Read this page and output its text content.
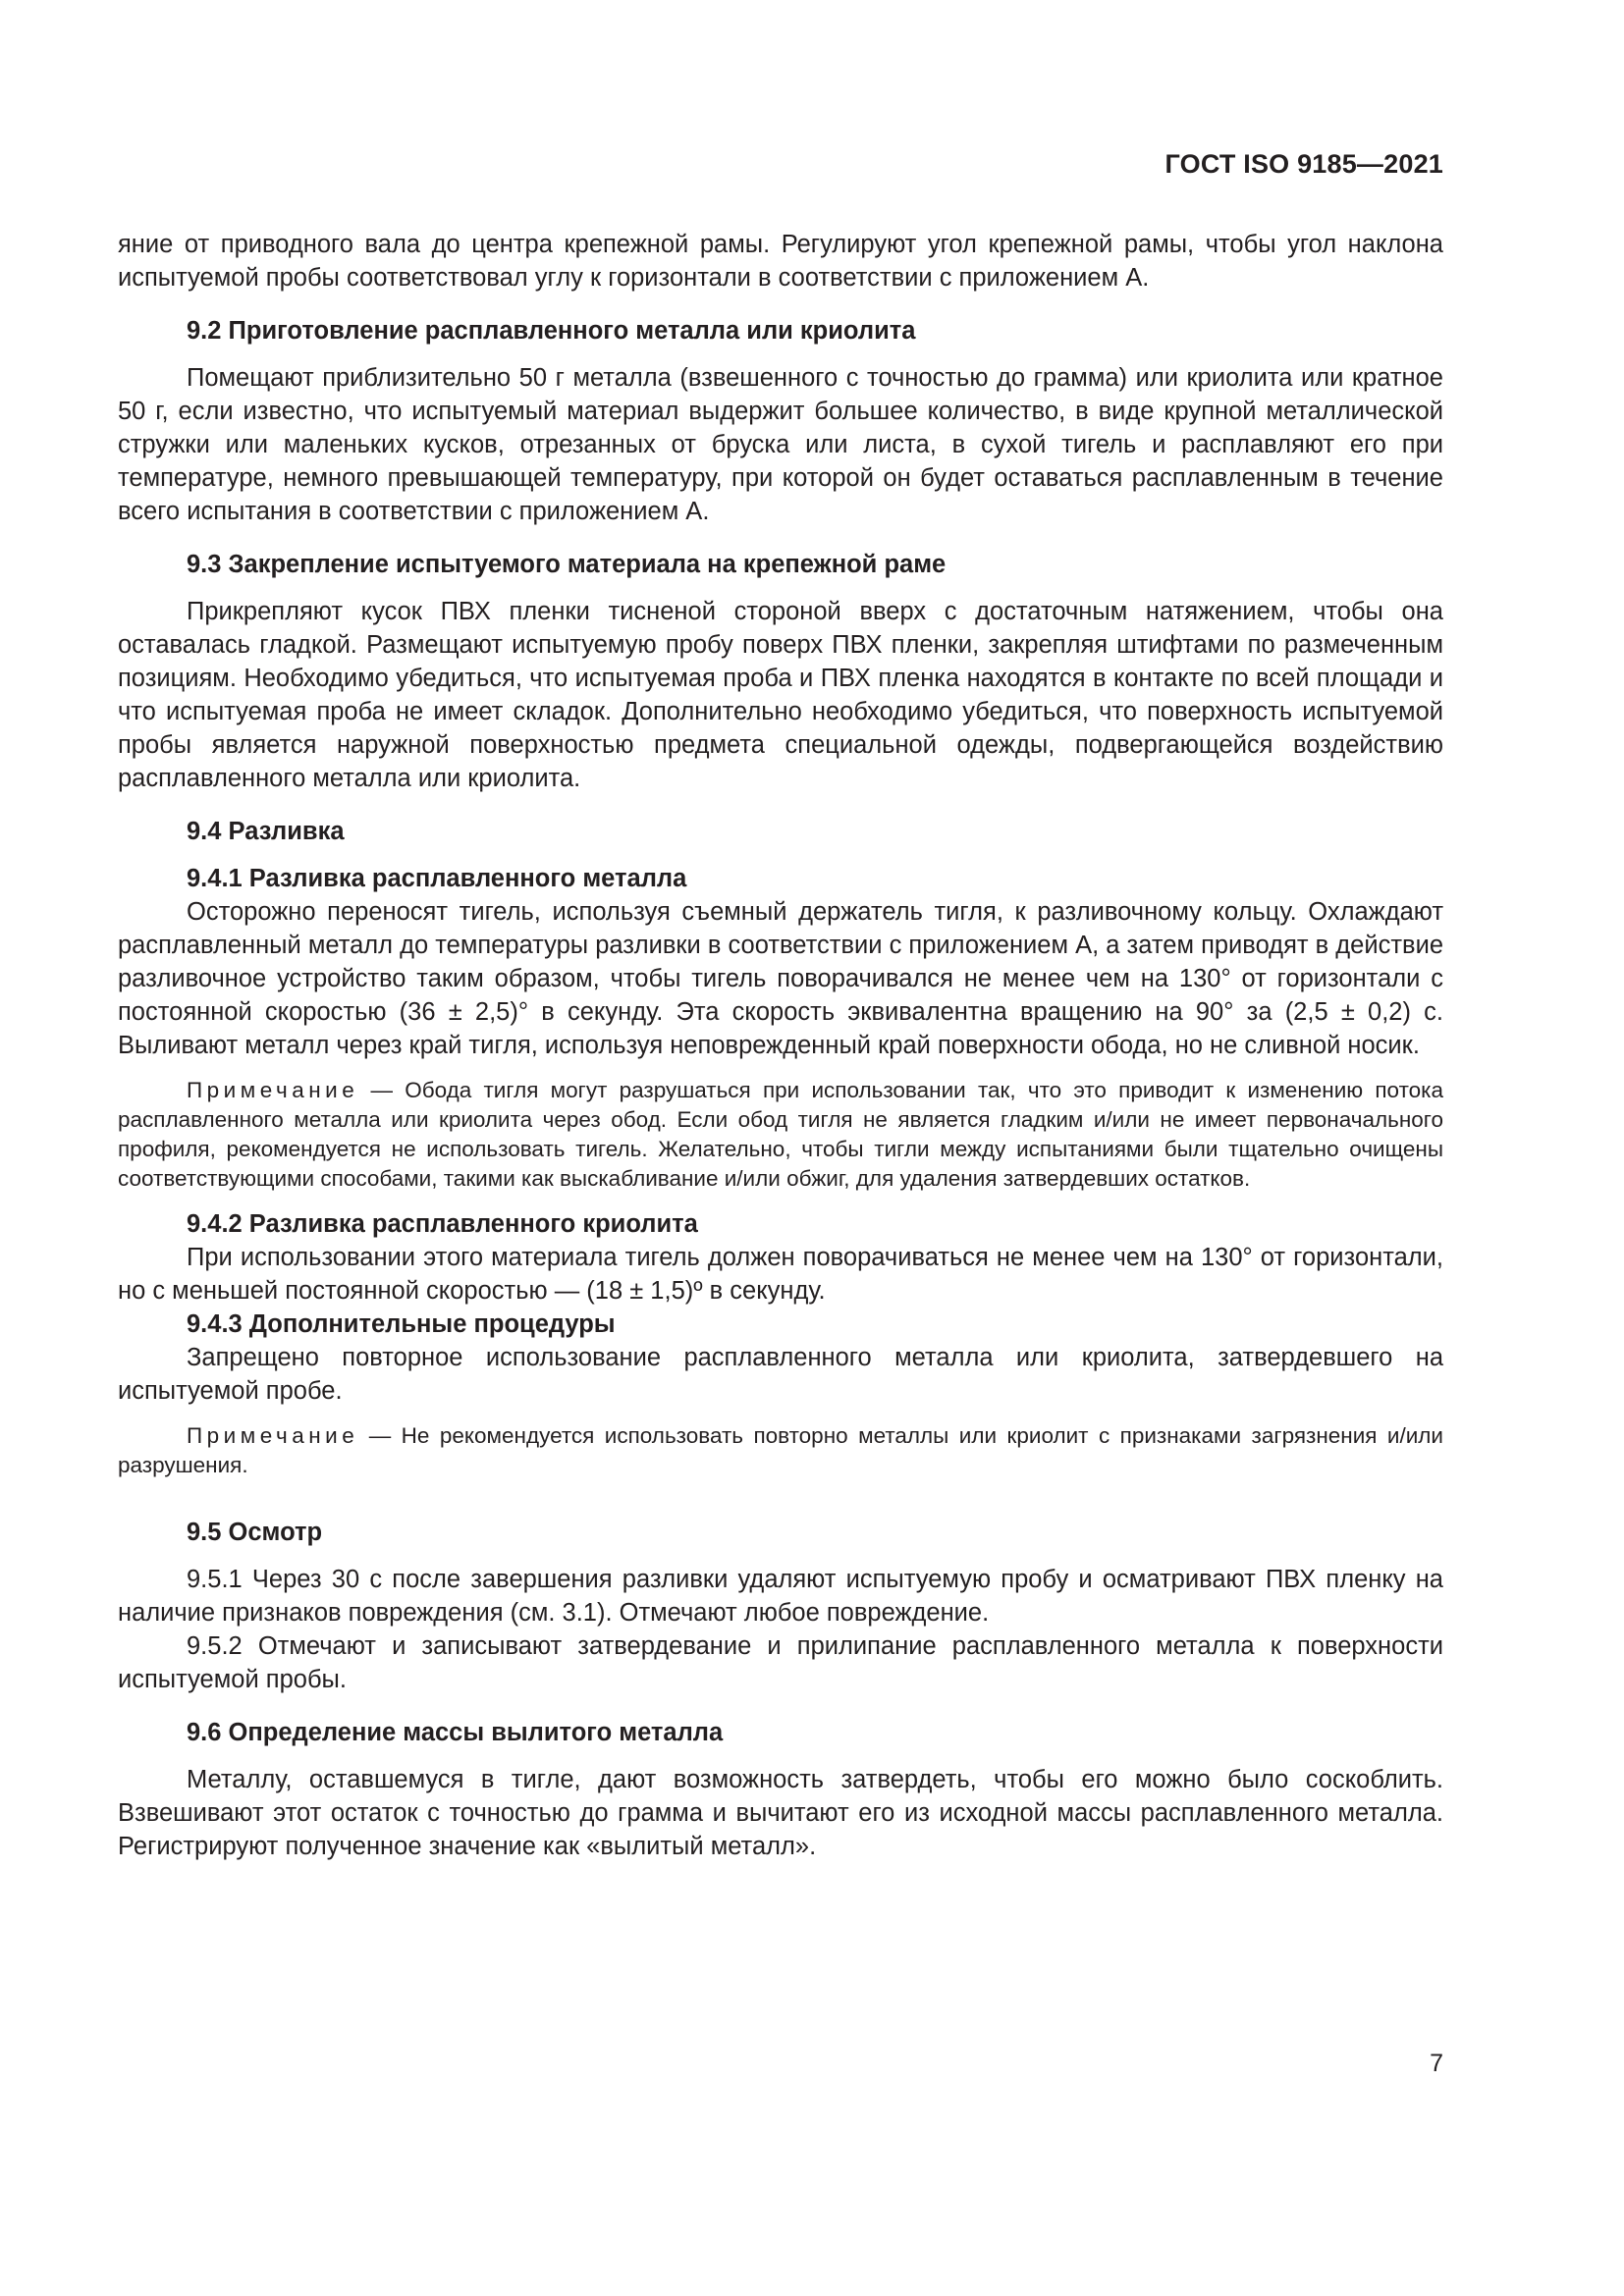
ГОСТ ISO 9185—2021

яние от приводного вала до центра крепежной рамы. Регулируют угол крепежной рамы, чтобы угол наклона испытуемой пробы соответствовал углу к горизонтали в соответствии с приложением А.

9.2 Приготовление расплавленного металла или криолита

Помещают приблизительно 50 г металла (взвешенного с точностью до грамма) или криолита или кратное 50 г, если известно, что испытуемый материал выдержит большее количество, в виде крупной металлической стружки или маленьких кусков, отрезанных от бруска или листа, в сухой тигель и расплавляют его при температуре, немного превышающей температуру, при которой он будет оставаться расплавленным в течение всего испытания в соответствии с приложением А.

9.3 Закрепление испытуемого материала на крепежной раме

Прикрепляют кусок ПВХ пленки тисненой стороной вверх с достаточным натяжением, чтобы она оставалась гладкой. Размещают испытуемую пробу поверх ПВХ пленки, закрепляя штифтами по размеченным позициям. Необходимо убедиться, что испытуемая проба и ПВХ пленка находятся в контакте по всей площади и что испытуемая проба не имеет складок. Дополнительно необходимо убедиться, что поверхность испытуемой пробы является наружной поверхностью предмета специальной одежды, подвергающейся воздействию расплавленного металла или криолита.

9.4 Разливка
9.4.1 Разливка расплавленного металла

Осторожно переносят тигель, используя съемный держатель тигля, к разливочному кольцу. Охлаждают расплавленный металл до температуры разливки в соответствии с приложением А, а затем приводят в действие разливочное устройство таким образом, чтобы тигель поворачивался не менее чем на 130° от горизонтали с постоянной скоростью (36 ± 2,5)° в секунду. Эта скорость эквивалентна вращению на 90° за (2,5 ± 0,2) с. Выливают металл через край тигля, используя неповрежденный край поверхности обода, но не сливной носик.

Примечание — Обода тигля могут разрушаться при использовании так, что это приводит к изменению потока расплавленного металла или криолита через обод. Если обод тигля не является гладким и/или не имеет первоначального профиля, рекомендуется не использовать тигель. Желательно, чтобы тигли между испытаниями были тщательно очищены соответствующими способами, такими как выскабливание и/или обжиг, для удаления затвердевших остатков.

9.4.2 Разливка расплавленного криолита

При использовании этого материала тигель должен поворачиваться не менее чем на 130° от горизонтали, но с меньшей постоянной скоростью — (18 ± 1,5)º в секунду.

9.4.3 Дополнительные процедуры

Запрещено повторное использование расплавленного металла или криолита, затвердевшего на испытуемой пробе.

Примечание — Не рекомендуется использовать повторно металлы или криолит с признаками загрязнения и/или разрушения.

9.5 Осмотр

9.5.1 Через 30 с после завершения разливки удаляют испытуемую пробу и осматривают ПВХ пленку на наличие признаков повреждения (см. 3.1). Отмечают любое повреждение.

9.5.2 Отмечают и записывают затвердевание и прилипание расплавленного металла к поверхности испытуемой пробы.

9.6 Определение массы вылитого металла

Металлу, оставшемуся в тигле, дают возможность затвердеть, чтобы его можно было соскоблить. Взвешивают этот остаток с точностью до грамма и вычитают его из исходной массы расплавленного металла. Регистрируют полученное значение как «вылитый металл».

7
